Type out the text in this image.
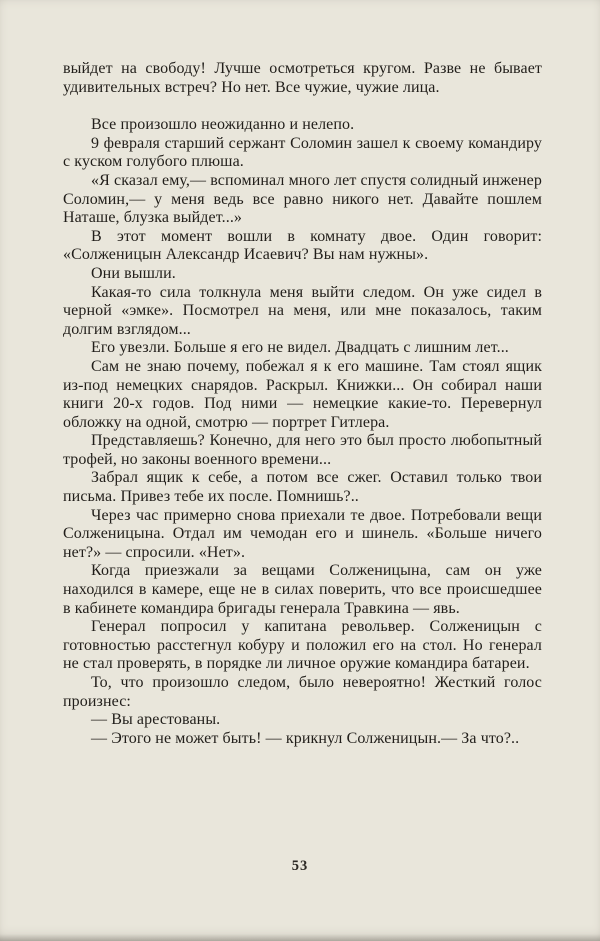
выйдет на свободу! Лучше осмотреться кругом. Разве не бывает удивительных встреч? Но нет. Все чужие, чужие лица.

Все произошло неожиданно и нелепо.

9 февраля старший сержант Соломин зашел к своему командиру с куском голубого плюша.

«Я сказал ему,— вспоминал много лет спустя солидный инженер Соломин,— у меня ведь все равно никого нет. Давайте пошлем Наташе, блузка выйдет...»

В этот момент вошли в комнату двое. Один говорит: «Солженицын Александр Исаевич? Вы нам нужны».

Они вышли.

Какая-то сила толкнула меня выйти следом. Он уже сидел в черной «эмке». Посмотрел на меня, или мне показалось, таким долгим взглядом...

Его увезли. Больше я его не видел. Двадцать с лишним лет...

Сам не знаю почему, побежал я к его машине. Там стоял ящик из-под немецких снарядов. Раскрыл. Книжки... Он собирал наши книги 20-х годов. Под ними — немецкие какие-то. Перевернул обложку на одной, смотрю — портрет Гитлера.

Представляешь? Конечно, для него это был просто любопытный трофей, но законы военного времени...

Забрал ящик к себе, а потом все сжег. Оставил только твои письма. Привез тебе их после. Помнишь?..

Через час примерно снова приехали те двое. Потребовали вещи Солженицына. Отдал им чемодан его и шинель. «Больше ничего нет?» — спросили. «Нет».

Когда приезжали за вещами Солженицына, сам он уже находился в камере, еще не в силах поверить, что все происшедшее в кабинете командира бригады генерала Травкина — явь.

Генерал попросил у капитана револьвер. Солженицын с готовностью расстегнул кобуру и положил его на стол. Но генерал не стал проверять, в порядке ли личное оружие командира батареи.

То, что произошло следом, было невероятно! Жесткий голос произнес:

— Вы арестованы.

— Этого не может быть! — крикнул Солженицын.— За что?..

53
